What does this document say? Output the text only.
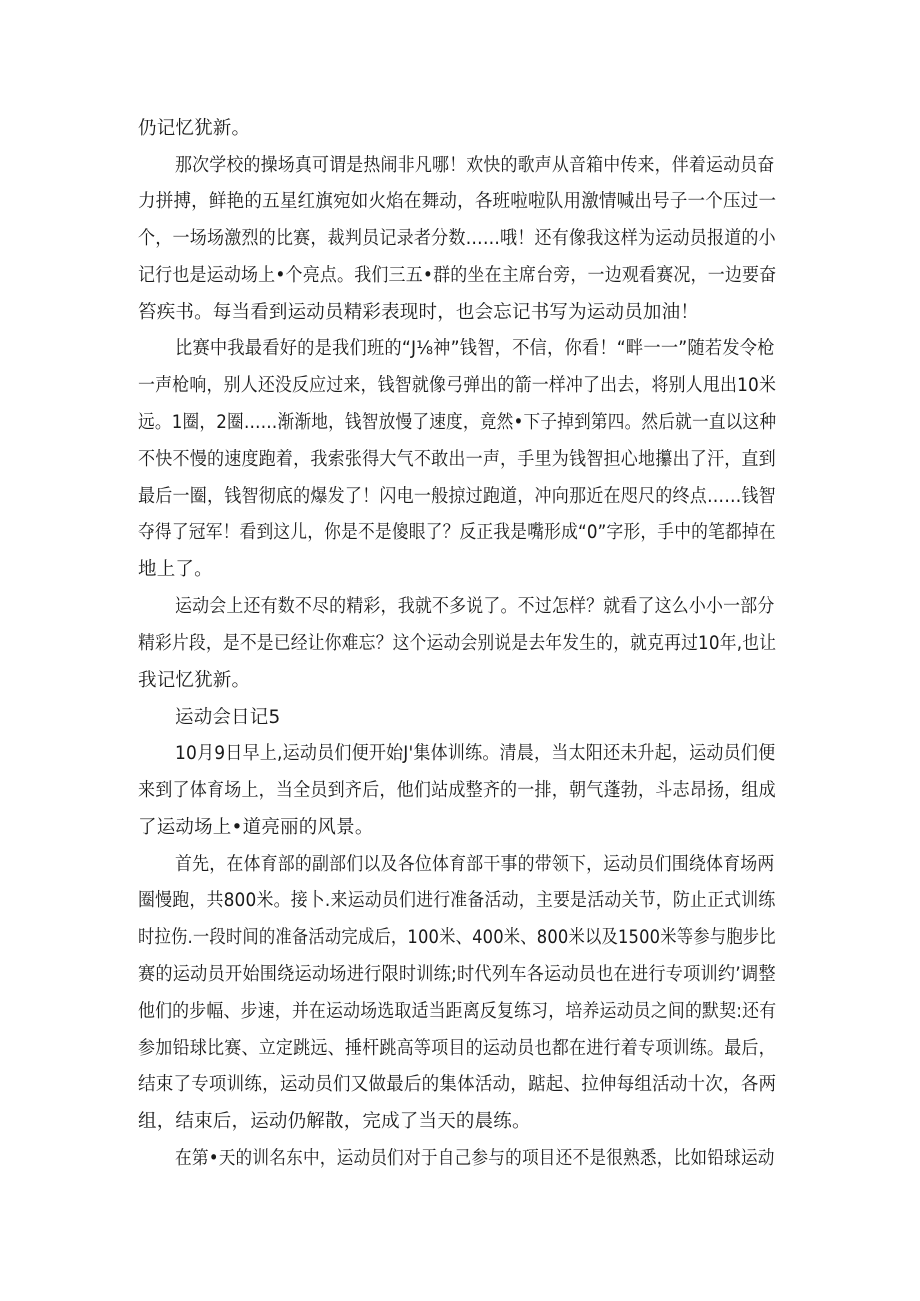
仍记忆犹新。
那次学校的操场真可谓是热闹非凡哪！欢快的歌声从音箱中传来，伴着运动员奋
力拼搏，鲜艳的五星红旗宛如火焰在舞动，各班啦啦队用激情喊出号子一个压过一
个，一场场激烈的比赛，裁判员记录者分数……哦！还有像我这样为运动员报道的小
记行也是运动场上•个亮点。我们三五•群的坐在主席台旁，一边观看赛况，一边要奋
笞疾书。每当看到运动员精彩表现时，也会忘记书写为运动员加油！
比赛中我最看好的是我们班的“J⅛神”钱智，不信，你看！“畔一一”随若发令枪
一声枪响，别人还没反应过来，钱智就像弓弹出的箭一样冲了出去，将别人甩出10米
远。1圈，2圈……渐渐地，钱智放慢了速度，竟然•下子掉到第四。然后就一直以这种
不快不慢的速度跑着，我索张得大气不敢出一声，手里为钱智担心地攥出了汗，直到
最后一圈，钱智彻底的爆发了！闪电一般掠过跑道，冲向那近在咫尺的终点……钱智
夺得了冠军！看到这儿，你是不是傻眼了？反正我是嘴形成“0”字形，手中的笔都掉在
地上了。
运动会上还有数不尽的精彩，我就不多说了。不过怎样？就看了这么小小一部分
精彩片段，是不是已经让你难忘？这个运动会别说是去年发生的，就克再过10年,也让
我记忆犹新。
运动会日记5
10月9日早上,运动员们便开始J'集体训练。清晨，当太阳还未升起，运动员们便
来到了体育场上，当全员到齐后，他们站成整齐的一排，朝气蓬勃，斗志昂扬，组成
了运动场上•道亮丽的风景。
首先，在体育部的副部们以及各位体育部干事的带领下，运动员们围绕体育场两
圈慢跑，共800米。接卜.来运动员们进行准备活动，主要是活动关节，防止正式训练
时拉伤.一段时间的准备活动完成后，100米、400米、800米以及1500米等参与胞步比
赛的运动员开始围绕运动场进行限时训练;时代列车各运动员也在进行专项训约’调整
他们的步幅、步速，并在运动场选取适当距离反复练习，培养运动员之间的默契:还有
参加铅球比赛、立定跳远、捶杆跳高等项目的运动员也都在进行着专项训练。最后，
结束了专项训练，运动员们又做最后的集体活动，踮起、拉伸每组活动十次，各两
组，结束后，运动仍解散，完成了当天的晨练。
在第•天的训名东中，运动员们对于自己参与的项目还不是很熟悉，比如铅球运动
